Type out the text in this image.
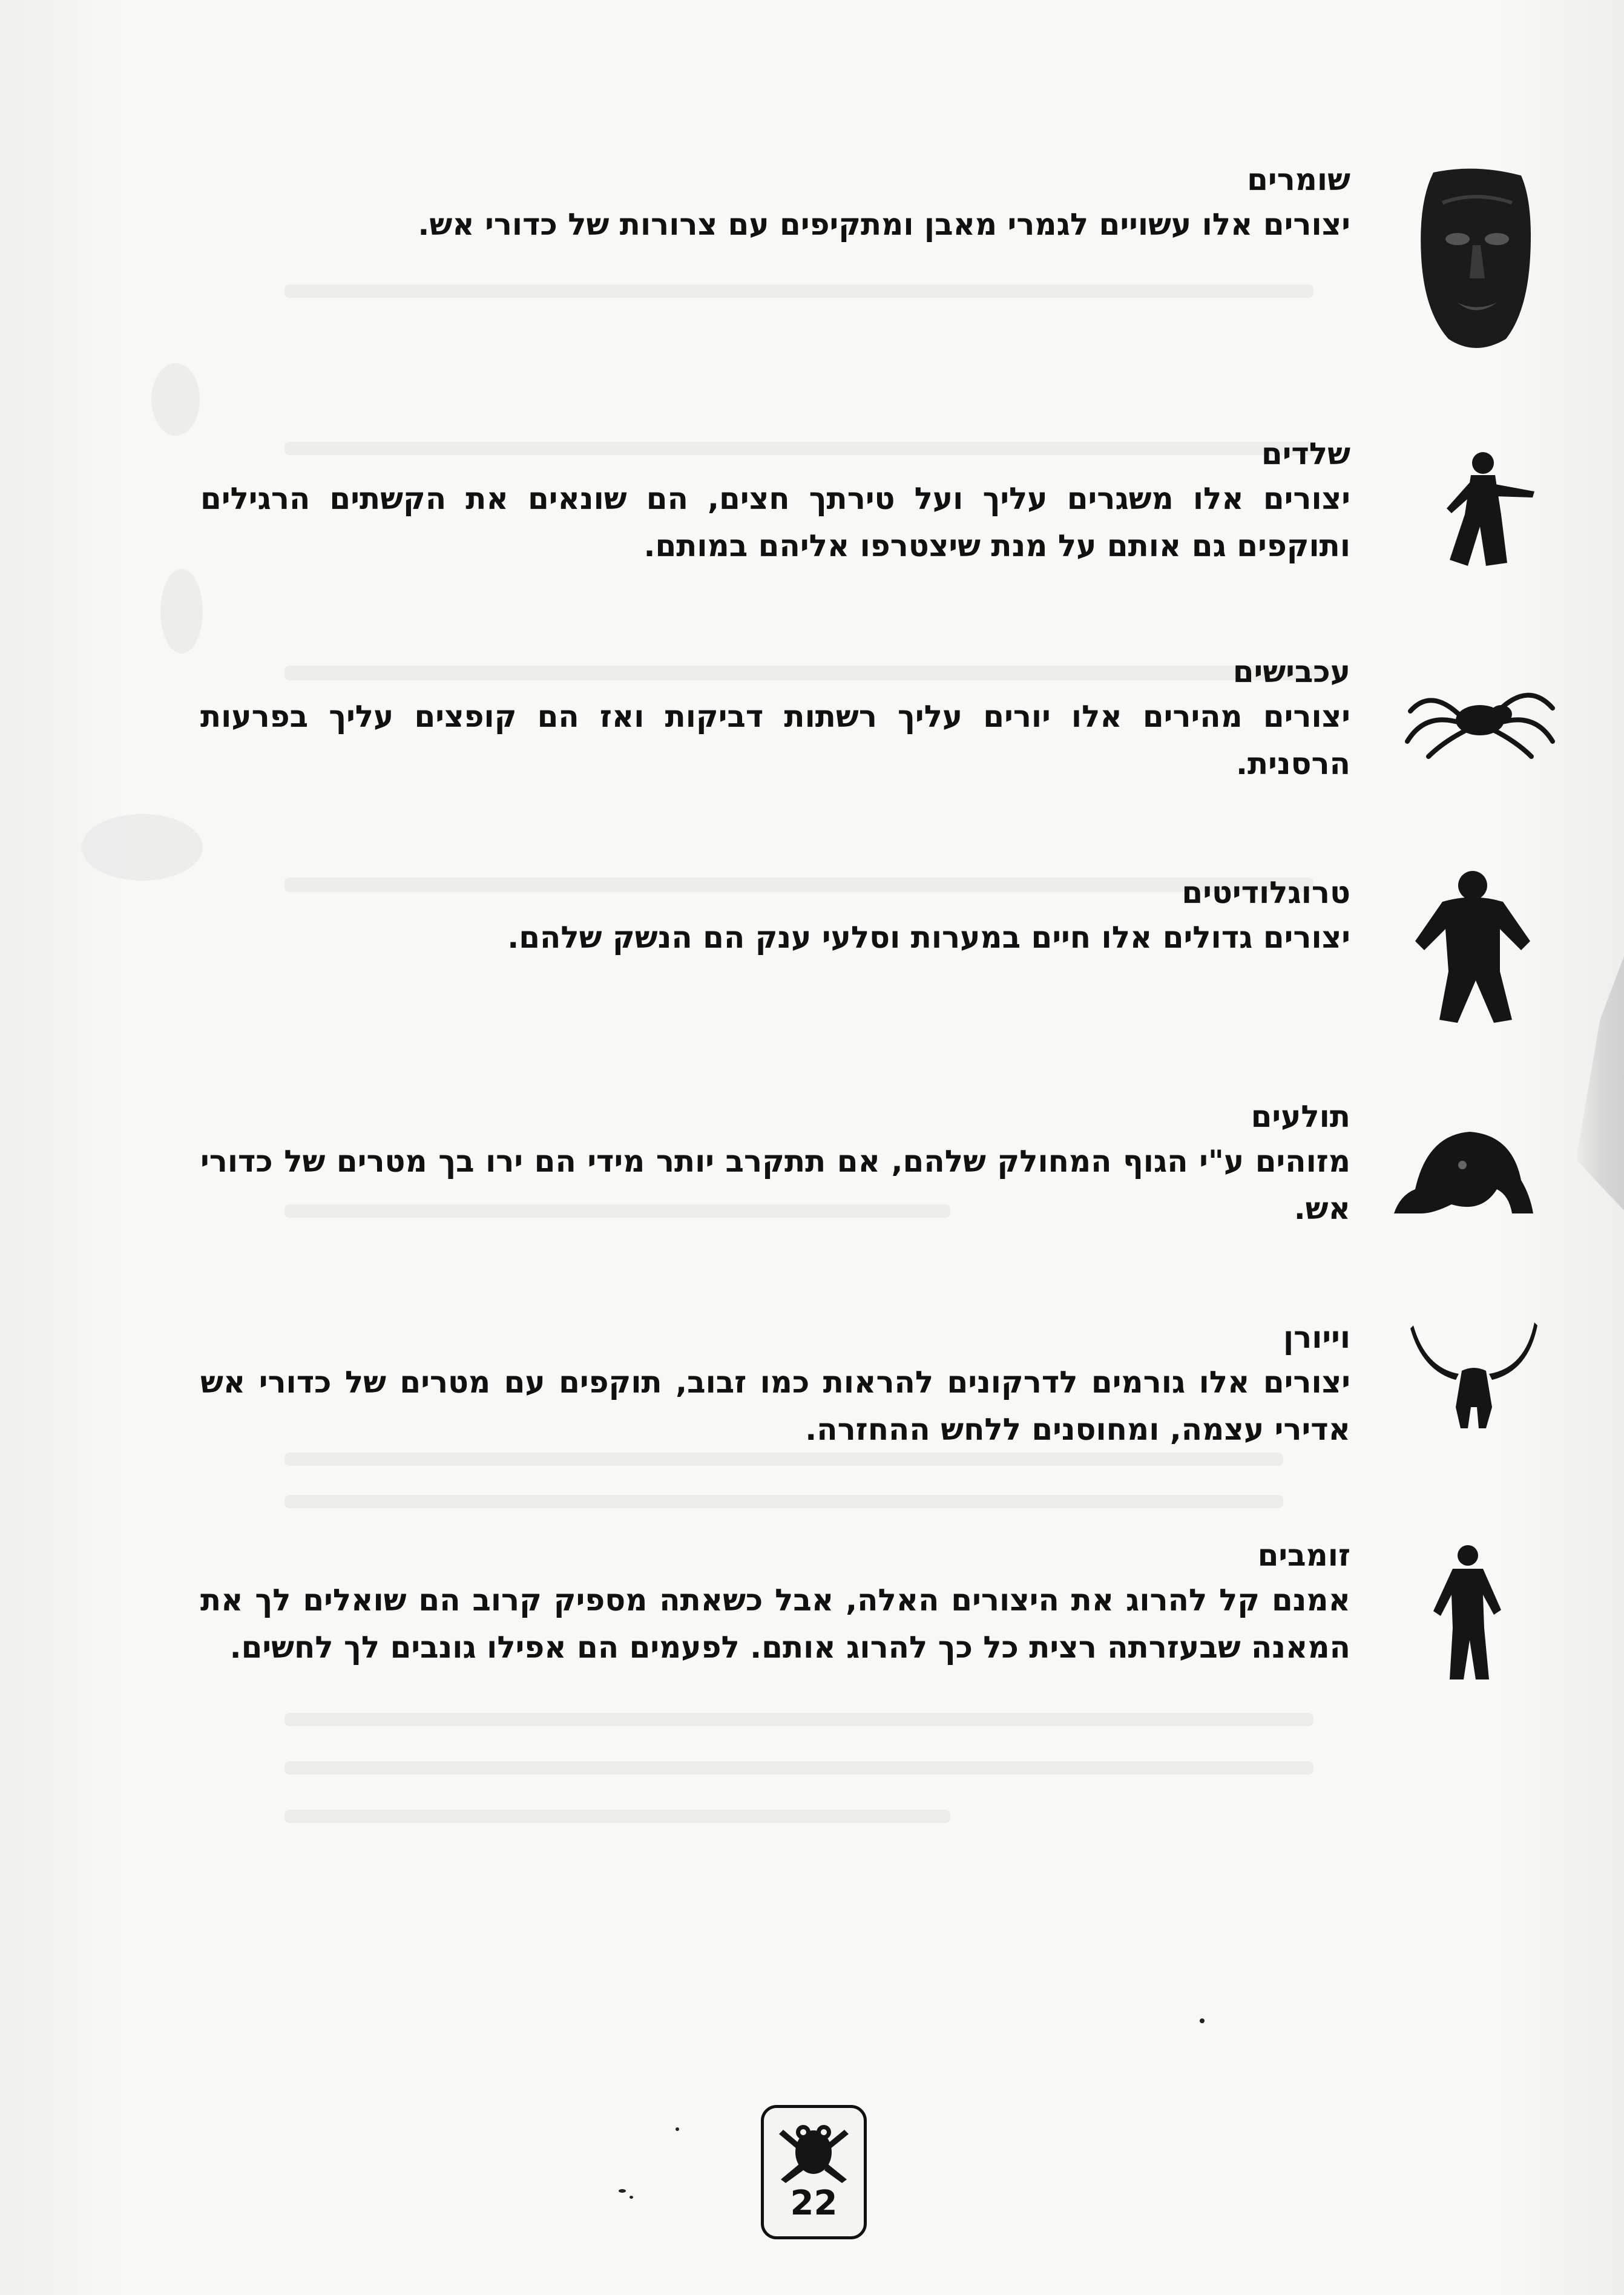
שומרים

יצורים אלו עשויים לגמרי מאבן ומתקיפים עם צרורות של כדורי אש.

שלדים

יצורים אלו משגרים עליך ועל טירתך חצים, הם שונאים את הקשתים הרגילים ותוקפים גם אותם על מנת שיצטרפו אליהם במותם.

עכבישים

יצורים מהירים אלו יורים עליך רשתות דביקות ואז הם קופצים עליך בפרעות הרסנית.

טרוגלודיטים

יצורים גדולים אלו חיים במערות וסלעי ענק הם הנשק שלהם.

תולעים

מזוהים ע"י הגוף המחולק שלהם, אם תתקרב יותר מידי הם ירו בך מטרים של כדורי אש.

וייורן

יצורים אלו גורמים לדרקונים להראות כמו זבוב, תוקפים עם מטרים של כדורי אש אדירי עצמה, ומחוסנים ללחש ההחזרה.

זומבים

אמנם קל להרוג את היצורים האלה, אבל כשאתה מספיק קרוב הם שואלים לך את המאנה שבעזרתה רצית כל כך להרוג אותם. לפעמים הם אפילו גונבים לך לחשים.

22
